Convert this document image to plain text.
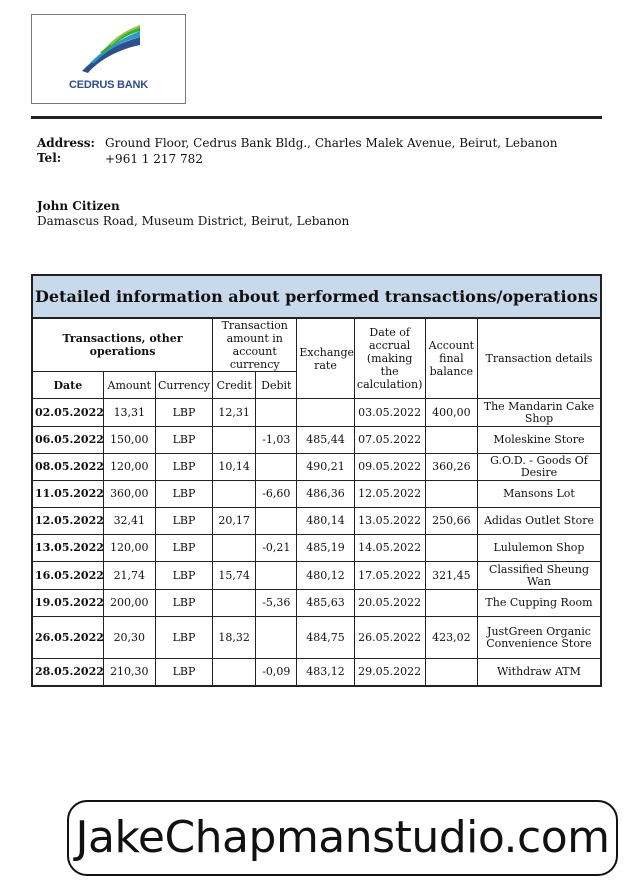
CEDRUS BANK
Address: Ground Floor, Cedrus Bank Bldg., Charles Malek Avenue, Beirut, Lebanon
Tel:	+961 1 217 782
John Citizen
Damascus Road, Museum District, Beirut, Lebanon
Detailed information about performed transactions/operations								
Transactions, other operations			Transaction amount in account currency		Exchange rate	Date of accrual (making the calculation)	Account final balance	Transaction details
Date	Amount	Currency	Credit	Debit				
02.05.2022	13,31	LBP	12,31			03.05.2022	400,00	The Mandarin Cake Shop
06.05.2022	150,00	LBP		-1,03	485,44	07.05.2022		Moleskine Store
08.05.2022	120,00	LBP	10,14		490,21	09.05.2022	360,26	G.O.D. - Goods Of Desire
11.05.2022	360,00	LBP		-6,60	486,36	12.05.2022		Mansons Lot
12.05.2022	32,41	LBP	20,17		480,14	13.05.2022	250,66	Adidas Outlet Store
13.05.2022	120,00	LBP		-0,21	485,19	14.05.2022		Lululemon Shop
16.05.2022	21,74	LBP	15,74		480,12	17.05.2022	321,45	Classified Sheung Wan
19.05.2022	200,00	LBP		-5,36	485,63	20.05.2022		The Cupping Room
26.05.2022	20,30	LBP	18,32		484,75	26.05.2022	423,02	JustGreen Organic Convenience Store
28.05.2022	210,30	LBP		-0,09	483,12	29.05.2022		Withdraw ATM
JakeChapmanstudio.com
